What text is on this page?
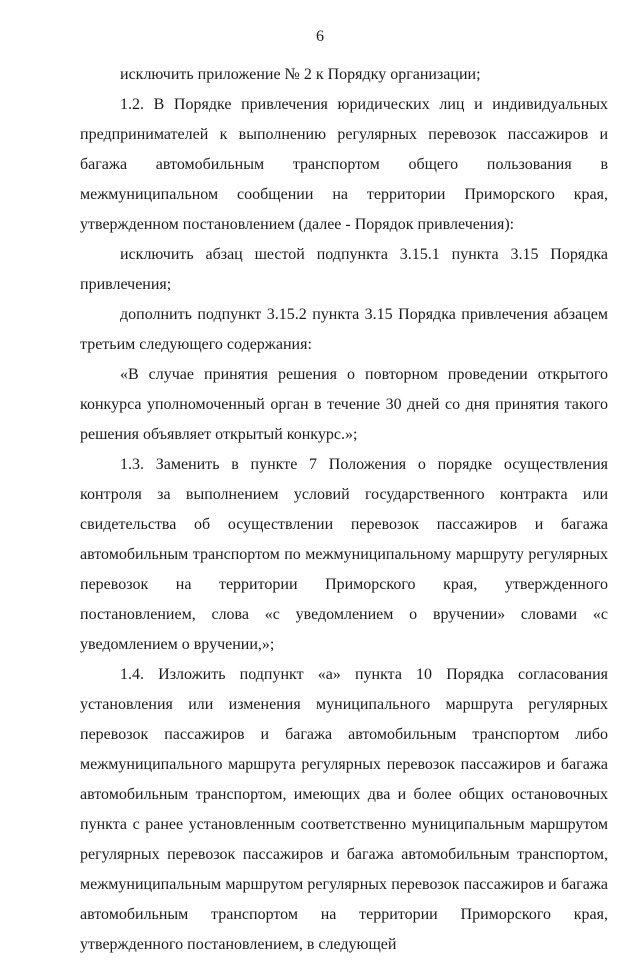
6

исключить приложение № 2 к Порядку организации;

1.2. В Порядке привлечения юридических лиц и индивидуальных предпринимателей к выполнению регулярных перевозок пассажиров и багажа автомобильным транспортом общего пользования в межмуниципальном сообщении на территории Приморского края, утвержденном постановлением (далее - Порядок привлечения):

исключить абзац шестой подпункта 3.15.1 пункта 3.15 Порядка привлечения;

дополнить подпункт 3.15.2 пункта 3.15 Порядка привлечения абзацем третьим следующего содержания:

«В случае принятия решения о повторном проведении открытого конкурса уполномоченный орган в течение 30 дней со дня принятия такого решения объявляет открытый конкурс.»;

1.3. Заменить в пункте 7 Положения о порядке осуществления контроля за выполнением условий государственного контракта или свидетельства об осуществлении перевозок пассажиров и багажа автомобильным транспортом по межмуниципальному маршруту регулярных перевозок на территории Приморского края, утвержденного постановлением, слова «с уведомлением о вручении» словами «с уведомлением о вручении,»;

1.4. Изложить подпункт «а» пункта 10 Порядка согласования установления или изменения муниципального маршрута регулярных перевозок пассажиров и багажа автомобильным транспортом либо межмуниципального маршрута регулярных перевозок пассажиров и багажа автомобильным транспортом, имеющих два и более общих остановочных пункта с ранее установленным соответственно муниципальным маршрутом регулярных перевозок пассажиров и багажа автомобильным транспортом, межмуниципальным маршрутом регулярных перевозок пассажиров и багажа автомобильным транспортом на территории Приморского края, утвержденного постановлением, в следующей
